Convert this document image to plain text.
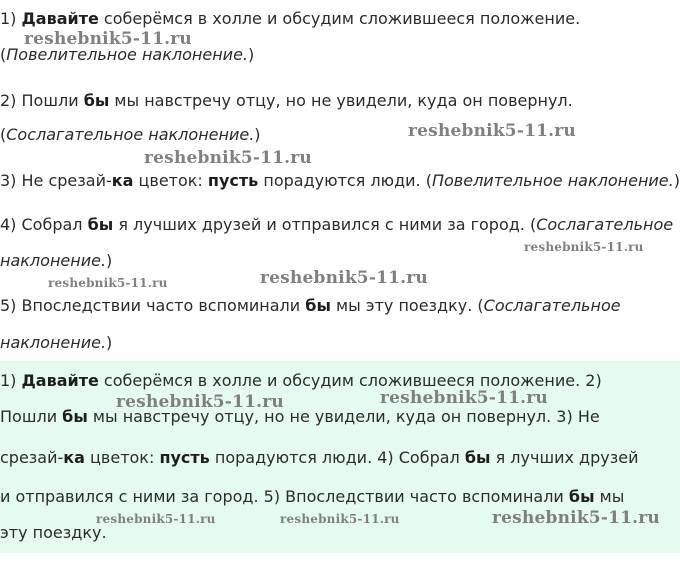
1) Давайте соберёмся в холле и обсудим сложившееся положение.
(Повелительное наклонение.)
2) Пошли бы мы навстречу отцу, но не увидели, куда он повернул.
(Сослагательное наклонение.)
3) Не срезай-ка цветок: пусть порадуются люди. (Повелительное наклонение.)
4) Собрал бы я лучших друзей и отправился с ними за город. (Сослагательное
наклонение.)
5) Впоследствии часто вспоминали бы мы эту поездку. (Сослагательное
наклонение.)
1) Давайте соберёмся в холле и обсудим сложившееся положение. 2)
Пошли бы мы навстречу отцу, но не увидели, куда он повернул. 3) Не
срезай-ка цветок: пусть порадуются люди. 4) Собрал бы я лучших друзей
и отправился с ними за город. 5) Впоследствии часто вспоминали бы мы
эту поездку.
reshebnik5-11.ru
reshebnik5-11.ru
reshebnik5-11.ru
reshebnik5-11.ru
reshebnik5-11.ru	reshebnik5-11.ru
reshebnik5-11.ru	reshebnik5-11.ru
reshebnik5-11.ru	reshebnik5-11.ru	reshebnik5-11.ru
